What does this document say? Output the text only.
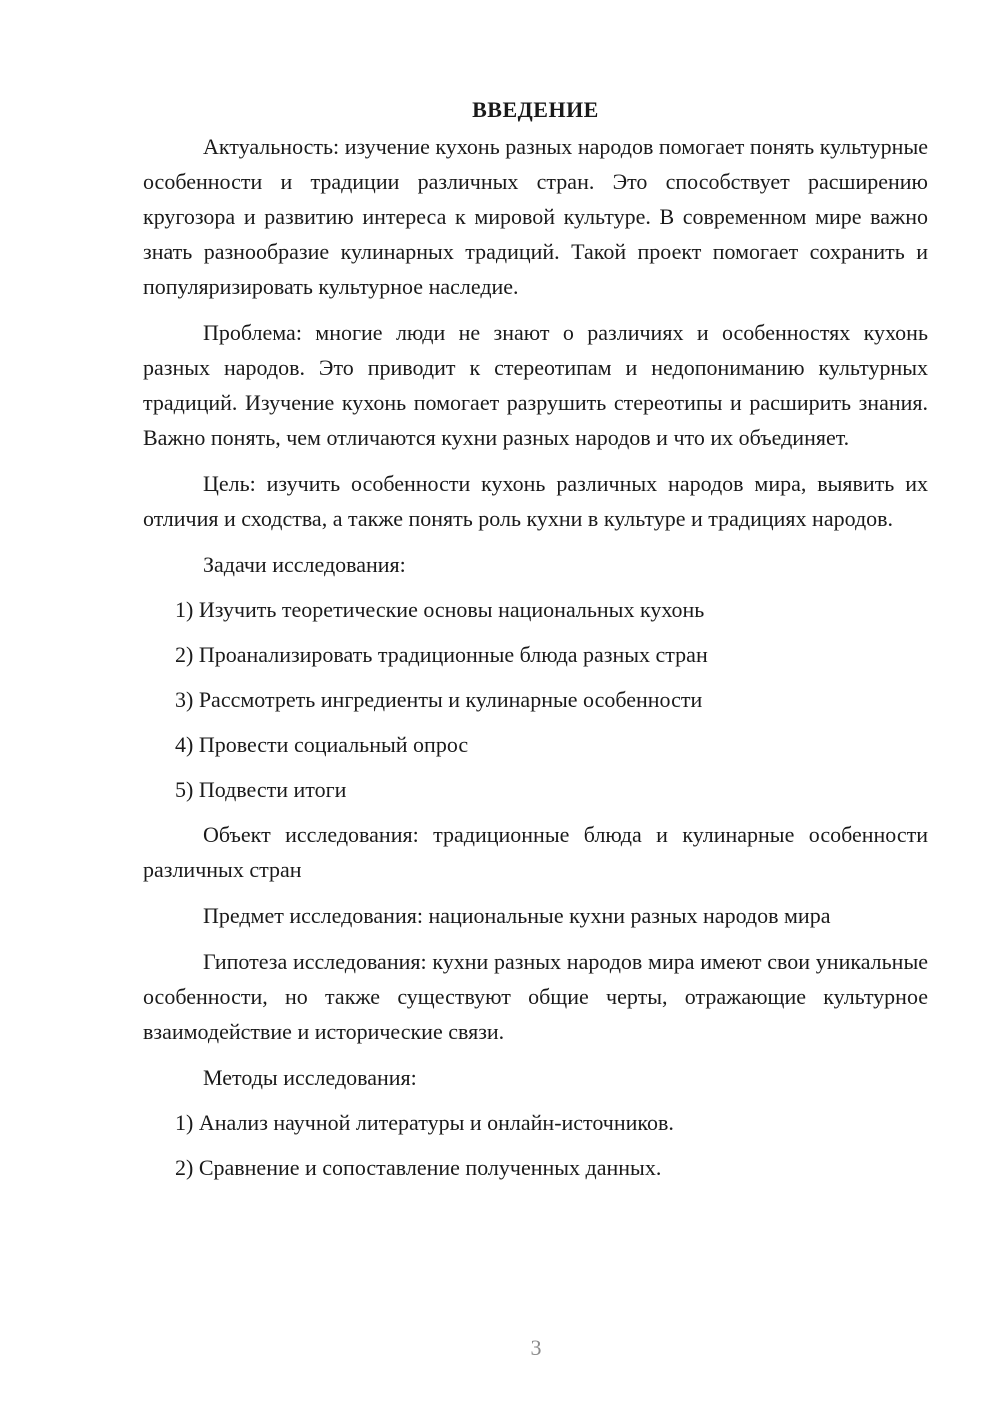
ВВЕДЕНИЕ

Актуальность: изучение кухонь разных народов помогает понять культурные особенности и традиции различных стран. Это способствует расширению кругозора и развитию интереса к мировой культуре. В современном мире важно знать разнообразие кулинарных традиций. Такой проект помогает сохранить и популяризировать культурное наследие.

Проблема: многие люди не знают о различиях и особенностях кухонь разных народов. Это приводит к стереотипам и недопониманию культурных традиций. Изучение кухонь помогает разрушить стереотипы и расширить знания. Важно понять, чем отличаются кухни разных народов и что их объединяет.

Цель: изучить особенности кухонь различных народов мира, выявить их отличия и сходства, а также понять роль кухни в культуре и традициях народов.

Задачи исследования:

1) Изучить теоретические основы национальных кухонь
2) Проанализировать традиционные блюда разных стран
3) Рассмотреть ингредиенты и кулинарные особенности
4) Провести социальный опрос
5) Подвести итоги

Объект исследования: традиционные блюда и кулинарные особенности различных стран

Предмет исследования: национальные кухни разных народов мира

Гипотеза исследования: кухни разных народов мира имеют свои уникальные особенности, но также существуют общие черты, отражающие культурное взаимодействие и исторические связи.

Методы исследования:

1) Анализ научной литературы и онлайн-источников.
2) Сравнение и сопоставление полученных данных.
3
